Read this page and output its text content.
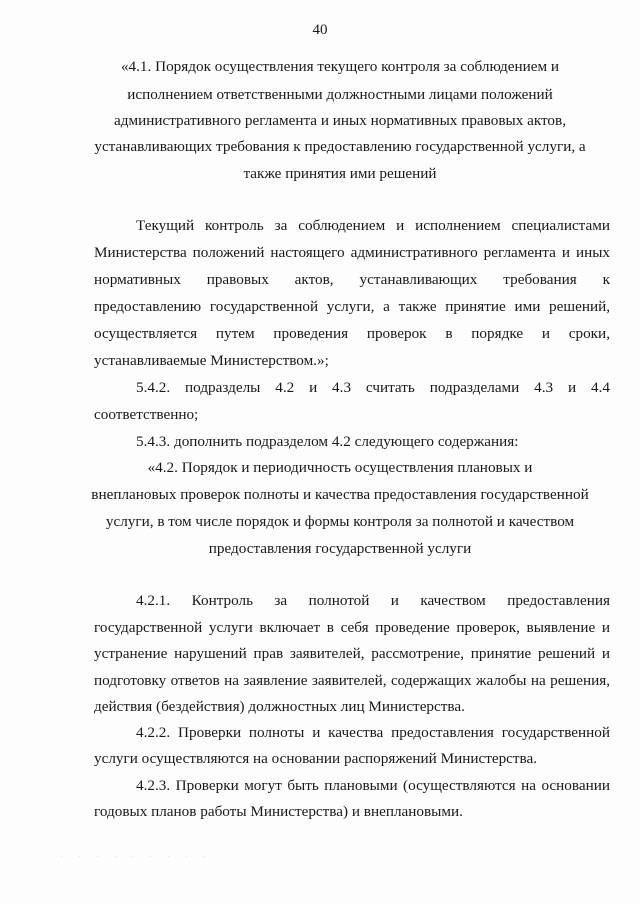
40
«4.1. Порядок осуществления текущего контроля за соблюдением и
исполнением ответственными должностными лицами положений
административного регламента и иных нормативных правовых актов,
устанавливающих требования к предоставлению государственной услуги, а
также принятия ими решений
Текущий контроль за соблюдением и исполнением специалистами
Министерства положений настоящего административного регламента и иных
нормативных правовых актов, устанавливающих требования к
предоставлению государственной услуги, а также принятие ими решений,
осуществляется путем проведения проверок в порядке и сроки,
устанавливаемые Министерством.»;
5.4.2. подразделы 4.2 и 4.3 считать подразделами 4.3 и 4.4
соответственно;
5.4.3. дополнить подразделом 4.2 следующего содержания:
«4.2. Порядок и периодичность осуществления плановых и
внеплановых проверок полноты и качества предоставления государственной
услуги, в том числе порядок и формы контроля за полнотой и качеством
предоставления государственной услуги
4.2.1. Контроль за полнотой и качеством предоставления
государственной услуги включает в себя проведение проверок, выявление и
устранение нарушений прав заявителей, рассмотрение, принятие решений и
подготовку ответов на заявление заявителей, содержащих жалобы на решения,
действия (бездействия) должностных лиц Министерства.
4.2.2. Проверки полноты и качества предоставления государственной
услуги осуществляются на основании распоряжений Министерства.
4.2.3. Проверки могут быть плановыми (осуществляются на основании
годовых планов работы Министерства) и внеплановыми.
· · · · · · · · ·
